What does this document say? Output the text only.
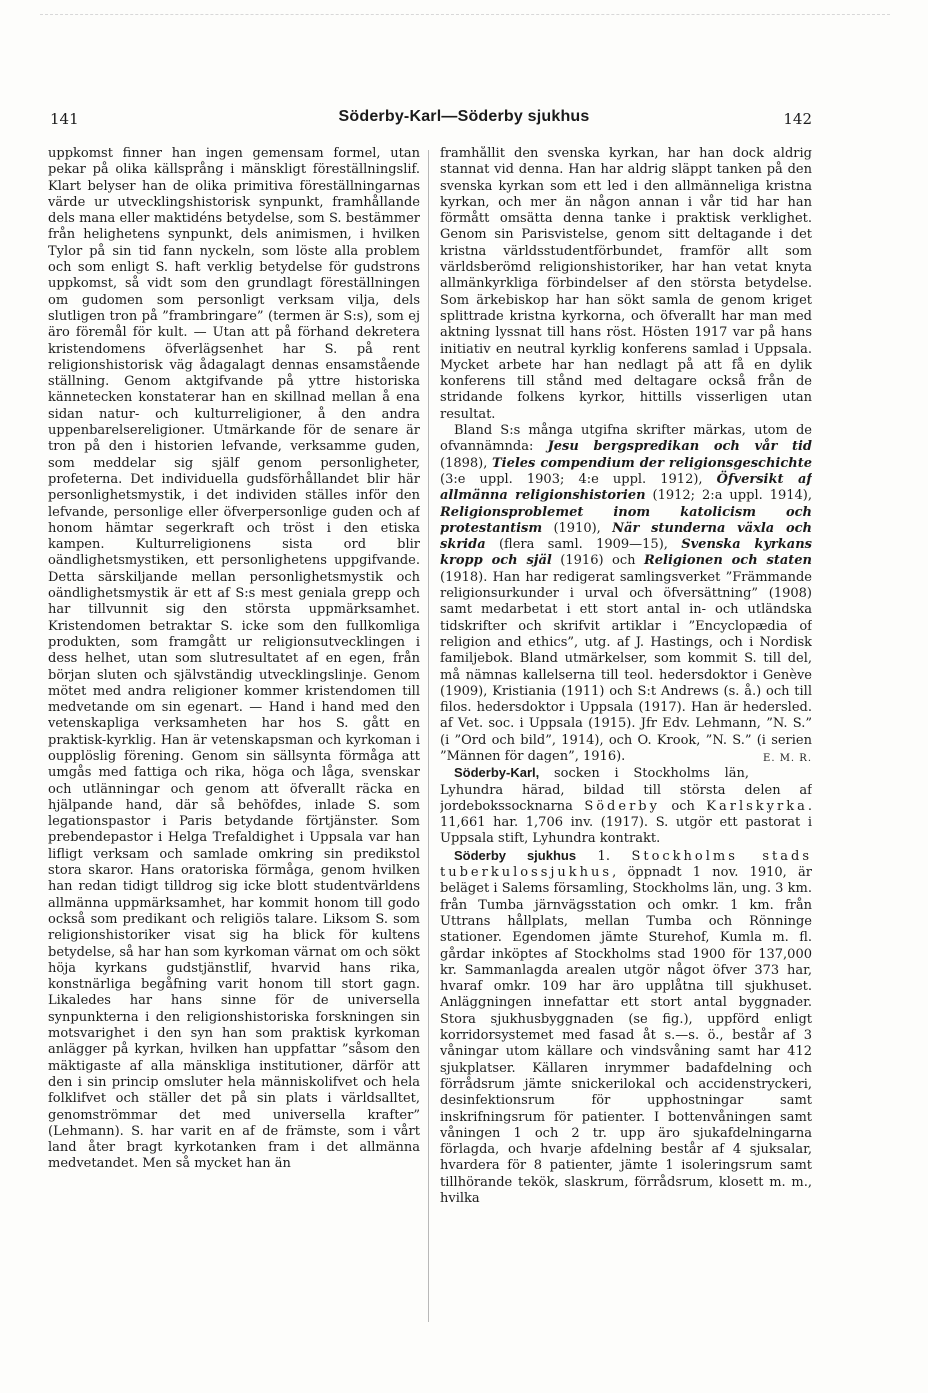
141	Söderby-Karl—Söderby sjukhus	142

uppkomst finner han ingen gemensam formel, utan pekar på olika källsprång i mänskligt föreställningslif. Klart belyser han de olika primitiva föreställningarnas värde ur utvecklingshistorisk synpunkt, framhållande dels mana eller maktidéns betydelse, som S. bestämmer från helighetens synpunkt, dels animismen, i hvilken Tylor på sin tid fann nyckeln, som löste alla problem och som enligt S. haft verklig betydelse för gudstrons uppkomst, så vidt som den grundlagt föreställningen om gudomen som personligt verksam vilja, dels slutligen tron på ”frambringare” (termen är S:s), som ej äro föremål för kult. — Utan att på förhand dekretera kristendomens öfverlägsenhet har S. på rent religionshistorisk väg ådagalagt dennas ensamstående ställning. Genom aktgifvande på yttre historiska kännetecken konstaterar han en skillnad mellan å ena sidan natur- och kulturreligioner, å den andra uppenbarelsereligioner. Utmärkande för de senare är tron på den i historien lefvande, verksamme guden, som meddelar sig själf genom personligheter, profeterna. Det individuella gudsförhållandet blir här personlighetsmystik, i det individen ställes inför den lefvande, personlige eller öfverpersonlige guden och af honom hämtar segerkraft och tröst i den etiska kampen. Kulturreligionens sista ord blir oändlighetsmystiken, ett personlighetens uppgifvande. Detta särskiljande mellan personlighetsmystik och oändlighetsmystik är ett af S:s mest geniala grepp och har tillvunnit sig den största uppmärksamhet. Kristendomen betraktar S. icke som den fullkomliga produkten, som framgått ur religionsutvecklingen i dess helhet, utan som slutresultatet af en egen, från början sluten och självständig utvecklingslinje. Genom mötet med andra religioner kommer kristendomen till medvetande om sin egenart. — Hand i hand med den vetenskapliga verksamheten har hos S. gått en praktisk-kyrklig. Han är vetenskapsman och kyrkoman i oupplöslig förening. Genom sin sällsynta förmåga att umgås med fattiga och rika, höga och låga, svenskar och utlänningar och genom att öfverallt räcka en hjälpande hand, där så behöfdes, inlade S. som legationspastor i Paris betydande förtjänster. Som prebendepastor i Helga Trefaldighet i Uppsala var han lifligt verksam och samlade omkring sin predikstol stora skaror. Hans oratoriska förmåga, genom hvilken han redan tidigt tilldrog sig icke blott studentvärldens allmänna uppmärksamhet, har kommit honom till godo också som predikant och religiös talare. Liksom S. som religionshistoriker visat sig ha blick för kultens betydelse, så har han som kyrkoman värnat om och sökt höja kyrkans gudstjänstlif, hvarvid hans rika, konstnärliga begåfning varit honom till stort gagn. Likaledes har hans sinne för de universella synpunkterna i den religionshistoriska forskningen sin motsvarighet i den syn han som praktisk kyrkoman anlägger på kyrkan, hvilken han uppfattar ”såsom den mäktigaste af alla mänskliga institutioner, därför att den i sin princip omsluter hela människolifvet och hela folklifvet och ställer det på sin plats i världsalltet, genomströmmar det med universella krafter” (Lehmann). S. har varit en af de främste, som i vårt land åter bragt kyrkotanken fram i det allmänna medvetandet. Men så mycket han än

framhållit den svenska kyrkan, har han dock aldrig stannat vid denna. Han har aldrig släppt tanken på den svenska kyrkan som ett led i den allmänneliga kristna kyrkan, och mer än någon annan i vår tid har han förmått omsätta denna tanke i praktisk verklighet. Genom sin Parisvistelse, genom sitt deltagande i det kristna världsstudentförbundet, framför allt som världsberömd religionshistoriker, har han vetat knyta allmänkyrkliga förbindelser af den största betydelse. Som ärkebiskop har han sökt samla de genom kriget splittrade kristna kyrkorna, och öfverallt har man med aktning lyssnat till hans röst. Hösten 1917 var på hans initiativ en neutral kyrklig konferens samlad i Uppsala. Mycket arbete har han nedlagt på att få en dylik konferens till stånd med deltagare också från de stridande folkens kyrkor, hittills visserligen utan resultat.

Bland S:s många utgifna skrifter märkas, utom de ofvannämnda: Jesu bergspredikan och vår tid (1898), Tieles compendium der religionsgeschichte (3:e uppl. 1903; 4:e uppl. 1912), Öfversikt af allmänna religionshistorien (1912; 2:a uppl. 1914), Religionsproblemet inom katolicism och protestantism (1910), När stunderna växla och skrida (flera saml. 1909—15), Svenska kyrkans kropp och själ (1916) och Religionen och staten (1918). Han har redigerat samlingsverket ”Främmande religionsurkunder i urval och öfversättning” (1908) samt medarbetat i ett stort antal in- och utländska tidskrifter och skrifvit artiklar i ”Encyclopædia of religion and ethics”, utg. af J. Hastings, och i Nordisk familjebok. Bland utmärkelser, som kommit S. till del, må nämnas kallelserna till teol. hedersdoktor i Genève (1909), Kristiania (1911) och S:t Andrews (s. å.) och till filos. hedersdoktor i Uppsala (1917). Han är hedersled. af Vet. soc. i Uppsala (1915). Jfr Edv. Lehmann, ”N. S.” (i ”Ord och bild”, 1914), och O. Krook, ”N. S.” (i serien ”Männen för dagen”, 1916).	E. M. R.

Söderby-Karl, socken i Stockholms län, Lyhundra härad, bildad till största delen af jordebokssocknarna Söderby och Karlskyrka. 11,661 har. 1,706 inv. (1917). S. utgör ett pastorat i Uppsala stift, Lyhundra kontrakt.

Söderby sjukhus 1. Stockholms stads tuberkulossjukhus, öppnadt 1 nov. 1910, är beläget i Salems församling, Stockholms län, ung. 3 km. från Tumba järnvägsstation och omkr. 1 km. från Uttrans hållplats, mellan Tumba och Rönninge stationer. Egendomen jämte Sturehof, Kumla m. fl. gårdar inköptes af Stockholms stad 1900 för 137,000 kr. Sammanlagda arealen utgör något öfver 373 har, hvaraf omkr. 109 har äro upplåtna till sjukhuset. Anläggningen innefattar ett stort antal byggnader. Stora sjukhusbyggnaden (se fig.), uppförd enligt korridorsystemet med fasad åt s.—s. ö., består af 3 våningar utom källare och vindsvåning samt har 412 sjukplatser. Källaren inrymmer badafdelning och förrådsrum jämte snickerilokal och accidenstryckeri, desinfektionsrum för upphostningar samt inskrifningsrum för patienter. I bottenvåningen samt våningen 1 och 2 tr. upp äro sjukafdelningarna förlagda, och hvarje afdelning består af 4 sjuksalar, hvardera för 8 patienter, jämte 1 isoleringsrum samt tillhörande tekök, slaskrum, förrådsrum, klosett m. m., hvilka
